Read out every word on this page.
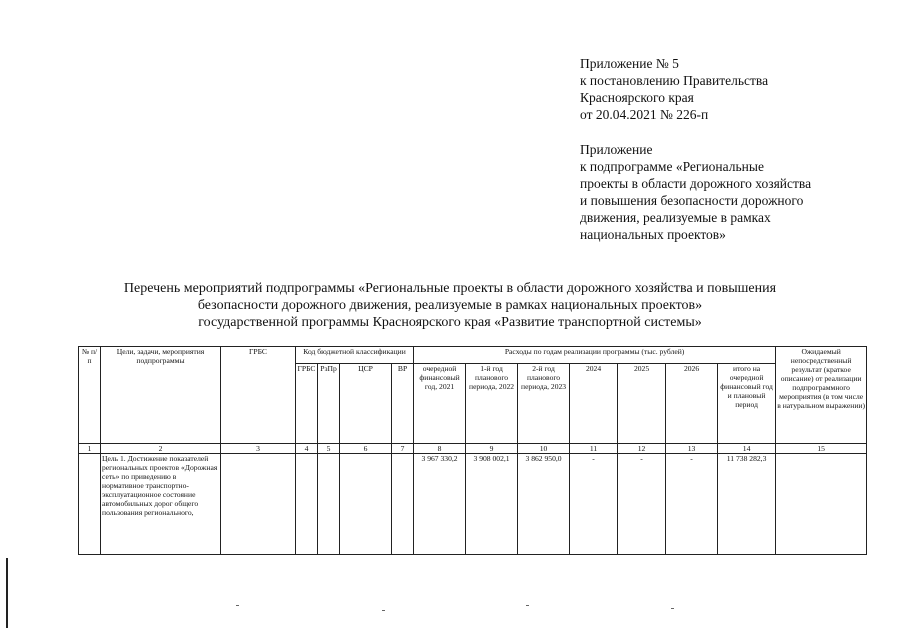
Приложение № 5
к постановлению Правительства
Красноярского края
от 20.04.2021 № 226-п
Приложение
к подпрограмме «Региональные
проекты в области дорожного хозяйства
и повышения безопасности дорожного
движения, реализуемые в рамках
национальных проектов»
Перечень мероприятий подпрограммы «Региональные проекты в области дорожного хозяйства и повышения
безопасности дорожного движения, реализуемые в рамках национальных проектов»
государственной программы Красноярского края «Развитие транспортной системы»
№ п/п	Цели, задачи, мероприятия подпрограммы	ГРБС	Код бюджетной классификации				Расходы по годам реализации программы (тыс. рублей)							Ожидаемый непосредственный результат (краткое описание) от реализации подпрограммного мероприятия (в том числе в натуральном выражении)
			ГРБС	РзПр	ЦСР	ВР	очередной финансовый год, 2021	1-й год планового периода, 2022	2-й год планового периода, 2023	2024	2025	2026	итого на очередной финансовый год и плановый период	
1	2	3	4	5	6	7	8	9	10	11	12	13	14	15
	Цель 1. Достижение показателей региональных проектов «Дорожная сеть» по приведению в нормативное транспортно-эксплуатационное состояние автомобильных дорог общего пользования регионального,						3 967 330,2	3 908 002,1	3 862 950,0	-	-	-	11 738 282,3	
